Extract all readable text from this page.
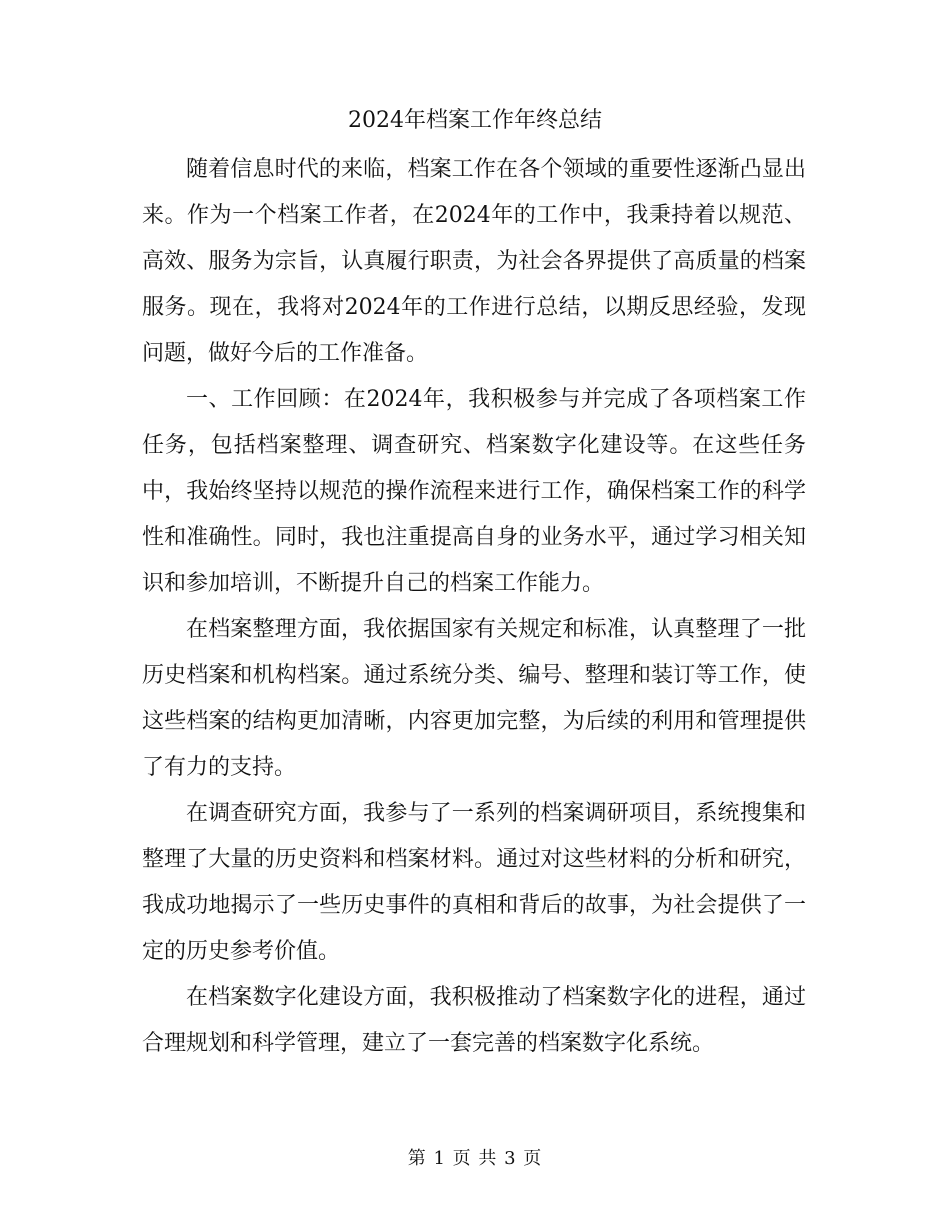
2024年档案工作年终总结

随着信息时代的来临，档案工作在各个领域的重要性逐渐凸显出来。作为一个档案工作者，在2024年的工作中，我秉持着以规范、高效、服务为宗旨，认真履行职责，为社会各界提供了高质量的档案服务。现在，我将对2024年的工作进行总结，以期反思经验，发现问题，做好今后的工作准备。

一、工作回顾：在2024年，我积极参与并完成了各项档案工作任务，包括档案整理、调查研究、档案数字化建设等。在这些任务中，我始终坚持以规范的操作流程来进行工作，确保档案工作的科学性和准确性。同时，我也注重提高自身的业务水平，通过学习相关知识和参加培训，不断提升自己的档案工作能力。

在档案整理方面，我依据国家有关规定和标准，认真整理了一批历史档案和机构档案。通过系统分类、编号、整理和装订等工作，使这些档案的结构更加清晰，内容更加完整，为后续的利用和管理提供了有力的支持。

在调查研究方面，我参与了一系列的档案调研项目，系统搜集和整理了大量的历史资料和档案材料。通过对这些材料的分析和研究，我成功地揭示了一些历史事件的真相和背后的故事，为社会提供了一定的历史参考价值。

在档案数字化建设方面，我积极推动了档案数字化的进程，通过合理规划和科学管理，建立了一套完善的档案数字化系统。

第 1 页 共 3 页
